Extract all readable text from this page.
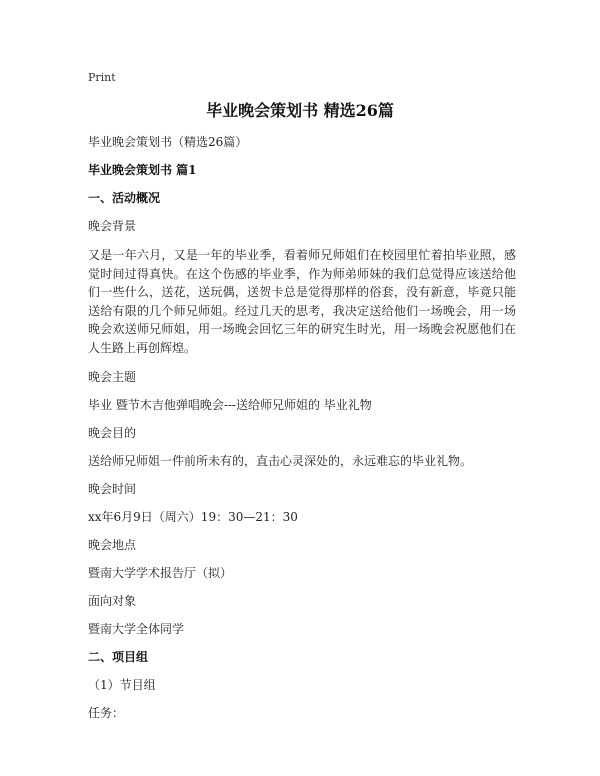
Print
毕业晚会策划书 精选26篇

毕业晚会策划书（精选26篇）

毕业晚会策划书 篇1

一、活动概况

晚会背景

又是一年六月，又是一年的毕业季，看着师兄师姐们在校园里忙着拍毕业照，感觉时间过得真快。在这个伤感的毕业季，作为师弟师妹的我们总觉得应该送给他们一些什么，送花，送玩偶，送贺卡总是觉得那样的俗套，没有新意，毕竟只能送给有限的几个师兄师姐。经过几天的思考，我决定送给他们一场晚会，用一场晚会欢送师兄师姐，用一场晚会回忆三年的研究生时光，用一场晚会祝愿他们在人生路上再创辉煌。

晚会主题

毕业 暨节木吉他弹唱晚会---送给师兄师姐的 毕业礼物

晚会目的

送给师兄师姐一件前所未有的，直击心灵深处的，永远难忘的毕业礼物。

晚会时间

xx年6月9日（周六）19：30—21：30

晚会地点

暨南大学学术报告厅（拟）

面向对象

暨南大学全体同学

二、项目组

（1）节目组

任务：
